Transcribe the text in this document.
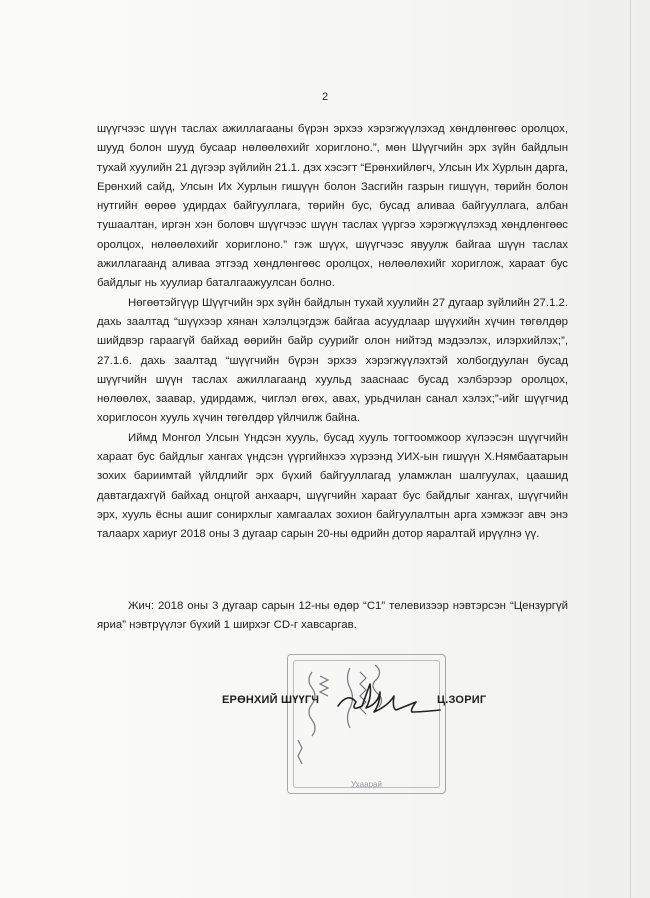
2

шүүгчээс шүүн таслах ажиллагааны бүрэн эрхээ хэрэгжүүлэхэд хөндлөнгөөс оролцох, шууд болон шууд бусаар нөлөөлөхийг хориглоно.”, мөн Шүүгчийн эрх зүйн байдлын тухай хуулийн 21 дүгээр зүйлийн 21.1. дэх хэсэгт “Ерөнхийлөгч, Улсын Их Хурлын дарга, Ерөнхий сайд, Улсын Их Хурлын гишүүн болон Засгийн газрын гишүүн, төрийн болон нутгийн өөрөө удирдах байгууллага, төрийн бус, бусад аливаа байгууллага, албан тушаалтан, иргэн хэн боловч шүүгчээс шүүн таслах үүргээ хэрэгжүүлэхэд хөндлөнгөөс оролцох, нөлөөлөхийг хориглоно.” гэж шүүх, шүүгчээс явуулж байгаа шүүн таслах ажиллагаанд аливаа этгээд хөндлөнгөөс оролцох, нөлөөлөхийг хориглож, хараат бус байдлыг нь хуулиар баталгаажуулсан болно.

Нөгөөтэйгүүр Шүүгчийн эрх зүйн байдлын тухай хуулийн 27 дугаар зүйлийн 27.1.2. дахь заалтад “шүүхээр хянан хэлэлцэгдэж байгаа асуудлаар шүүхийн хүчин төгөлдөр шийдвэр гараагүй байхад өөрийн байр суурийг олон нийтэд мэдээлэх, илэрхийлэх;”, 27.1.6. дахь заалтад “шүүгчийн бүрэн эрхээ хэрэгжүүлэхтэй холбогдуулан бусад шүүгчийн шүүн таслах ажиллагаанд хуульд зааснаас бусад хэлбэрээр оролцох, нөлөөлөх, заавар, удирдамж, чиглэл өгөх, авах, урьдчилан санал хэлэх;”-ийг шүүгчид хориглосон хууль хүчин төгөлдөр үйлчилж байна.

Иймд Монгол Улсын Үндсэн хууль, бусад хууль тогтоомжоор хүлээсэн шүүгчийн хараат бус байдлыг хангах үндсэн үүргийнхээ хүрээнд УИХ-ын гишүүн Х.Нямбаатарын зохих бариимтай үйлдлийг эрх бүхий байгууллагад уламжлан шалгуулах, цаашид давтагдахгүй байхад онцгой анхаарч, шүүгчийн хараат бус байдлыг хангах, шүүгчийн эрх, хууль ёсны ашиг сонирхлыг хамгаалах зохион байгуулалтын арга хэмжээг авч энэ талаарх хариуг 2018 оны 3 дугаар сарын 20-ны өдрийн дотор яаралтай ирүүлнэ үү.

Жич: 2018 оны 3 дугаар сарын 12-ны өдөр “С1” телевизээр нэвтэрсэн “Цензургүй яриа” нэвтрүүлэг бүхий 1 ширхэг CD-г хавсаргав.

Ухаарай
ЕРӨНХИЙ ШҮҮГЧ	Ц.ЗОРИГ
